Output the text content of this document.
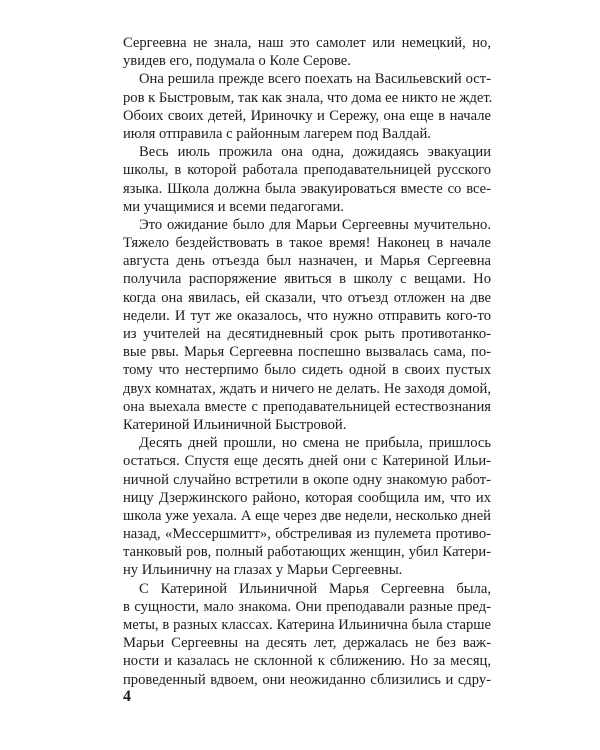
Сергеевна не знала, наш это самолет или немецкий, но,
увидев его, подумала о Коле Серове.
Она решила прежде всего поехать на Васильевский ост-
ров к Быстровым, так как знала, что дома ее никто не ждет.
Обоих своих детей, Ириночку и Сережу, она еще в начале
июля отправила с районным лагерем под Валдай.
Весь июль прожила она одна, дожидаясь эвакуации
школы, в которой работала преподавательницей русского
языка. Школа должна была эвакуироваться вместе со все-
ми учащимися и всеми педагогами.
Это ожидание было для Марьи Сергеевны мучительно.
Тяжело бездействовать в такое время! Наконец в начале
августа день отъезда был назначен, и Марья Сергеевна
получила распоряжение явиться в школу с вещами. Но
когда она явилась, ей сказали, что отъезд отложен на две
недели. И тут же оказалось, что нужно отправить кого-то
из учителей на десятидневный срок рыть противотанко-
вые рвы. Марья Сергеевна поспешно вызвалась сама, по-
тому что нестерпимо было сидеть одной в своих пустых
двух комнатах, ждать и ничего не делать. Не заходя домой,
она выехала вместе с преподавательницей естествознания
Катериной Ильиничной Быстровой.
Десять дней прошли, но смена не прибыла, пришлось
остаться. Спустя еще десять дней они с Катериной Ильи-
ничной случайно встретили в окопе одну знакомую работ-
ницу Дзержинского районо, которая сообщила им, что их
школа уже уехала. А еще через две недели, несколько дней
назад, «Мессершмитт», обстреливая из пулемета противо-
танковый ров, полный работающих женщин, убил Катери-
ну Ильиничну на глазах у Марьи Сергеевны.
С Катериной Ильиничной Марья Сергеевна была,
в сущности, мало знакома. Они преподавали разные пред-
меты, в разных классах. Катерина Ильинична была старше
Марьи Сергеевны на десять лет, держалась не без важ-
ности и казалась не склонной к сближению. Но за месяц,
проведенный вдвоем, они неожиданно сблизились и сдру-
4
